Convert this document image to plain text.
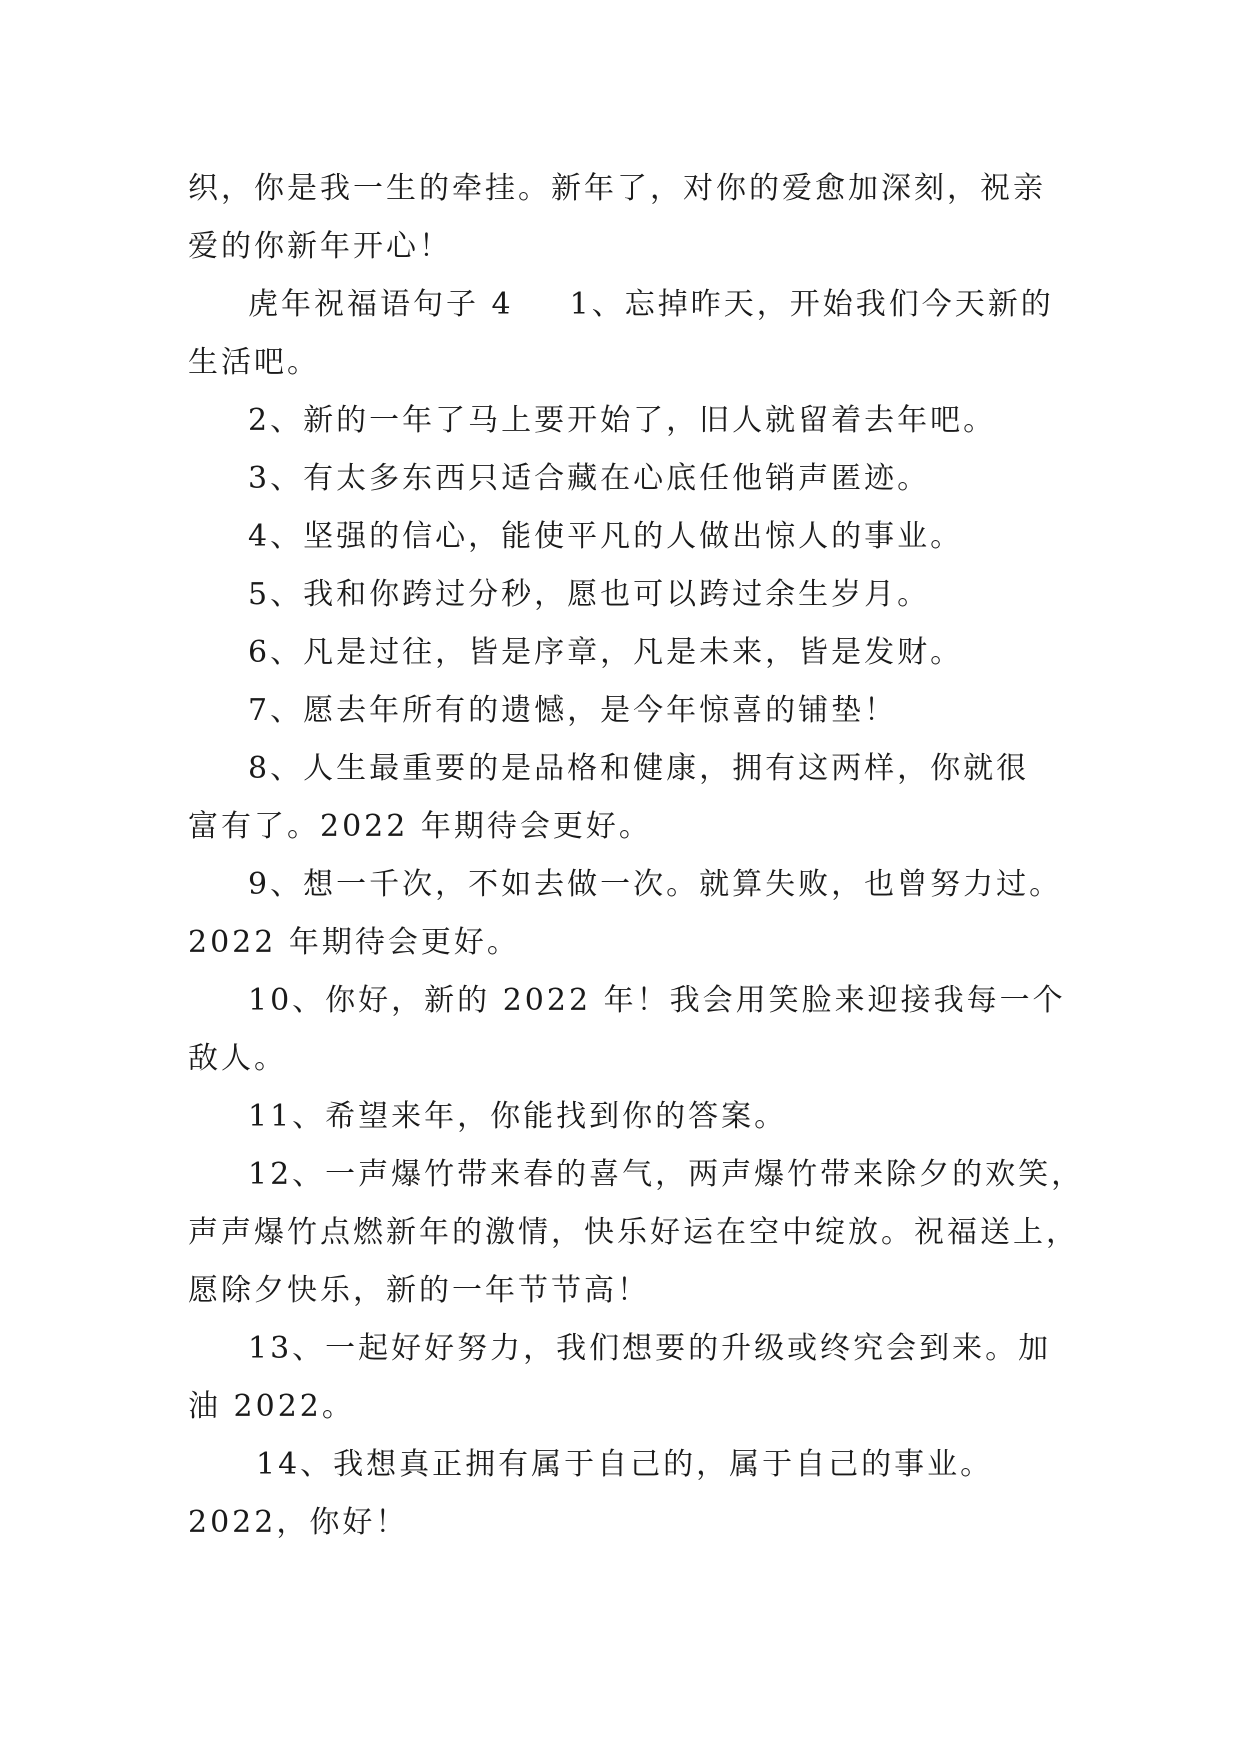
织，你是我一生的牵挂。新年了，对你的爱愈加深刻，祝亲
爱的你新年开心！
虎年祝福语句子 4 1、忘掉昨天，开始我们今天新的
生活吧。
2、新的一年了马上要开始了，旧人就留着去年吧。
3、有太多东西只适合藏在心底任他销声匿迹。
4、坚强的信心，能使平凡的人做出惊人的事业。
5、我和你跨过分秒，愿也可以跨过余生岁月。
6、凡是过往，皆是序章，凡是未来，皆是发财。
7、愿去年所有的遗憾，是今年惊喜的铺垫！
8、人生最重要的是品格和健康，拥有这两样，你就很
富有了。2022 年期待会更好。
9、想一千次，不如去做一次。就算失败，也曾努力过。
2022 年期待会更好。
10、你好，新的 2022 年！我会用笑脸来迎接我每一个
敌人。
11、希望来年，你能找到你的答案。
12、一声爆竹带来春的喜气，两声爆竹带来除夕的欢笑，
声声爆竹点燃新年的激情，快乐好运在空中绽放。祝福送上，
愿除夕快乐，新的一年节节高！
13、一起好好努力，我们想要的升级或终究会到来。加
油 2022。
14、我想真正拥有属于自己的，属于自己的事业。
2022，你好！
